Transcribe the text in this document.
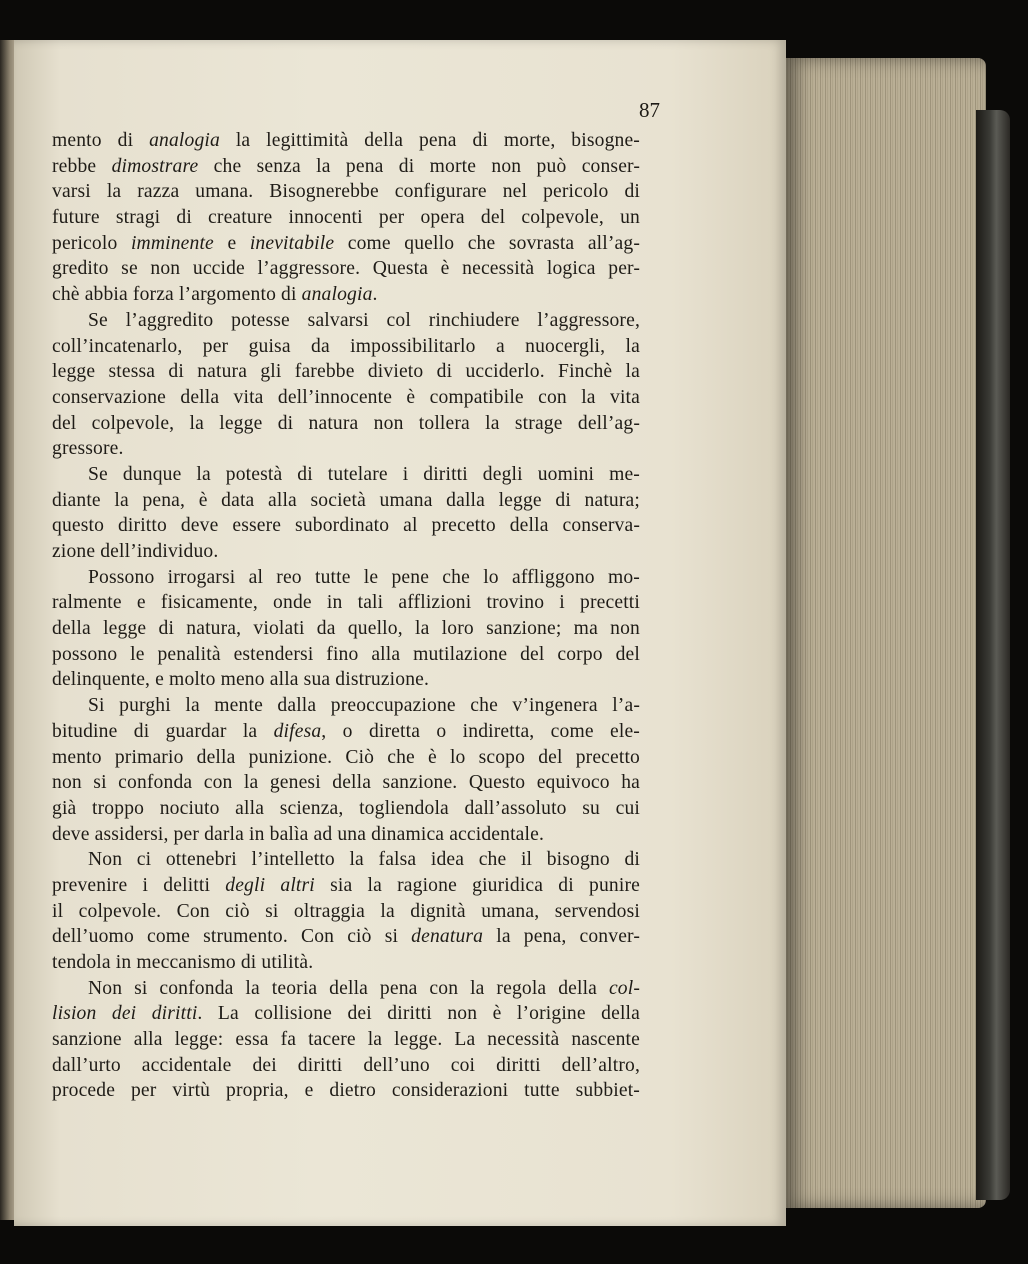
87
mento di analogia la legittimità della pena di morte, bisogne-
rebbe dimostrare che senza la pena di morte non può conser-
varsi la razza umana. Bisognerebbe configurare nel pericolo di
future stragi di creature innocenti per opera del colpevole, un
pericolo imminente e inevitabile come quello che sovrasta all’ag-
gredito se non uccide l’aggressore. Questa è necessità logica per-
chè abbia forza l’argomento di analogia.
Se l’aggredito potesse salvarsi col rinchiudere l’aggressore,
coll’incatenarlo, per guisa da impossibilitarlo a nuocergli, la
legge stessa di natura gli farebbe divieto di ucciderlo. Finchè la
conservazione della vita dell’innocente è compatibile con la vita
del colpevole, la legge di natura non tollera la strage dell’ag-
gressore.
Se dunque la potestà di tutelare i diritti degli uomini me-
diante la pena, è data alla società umana dalla legge di natura;
questo diritto deve essere subordinato al precetto della conserva-
zione dell’individuo.
Possono irrogarsi al reo tutte le pene che lo affliggono mo-
ralmente e fisicamente, onde in tali afflizioni trovino i precetti
della legge di natura, violati da quello, la loro sanzione; ma non
possono le penalità estendersi fino alla mutilazione del corpo del
delinquente, e molto meno alla sua distruzione.
Si purghi la mente dalla preoccupazione che v’ingenera l’a-
bitudine di guardar la difesa, o diretta o indiretta, come ele-
mento primario della punizione. Ciò che è lo scopo del precetto
non si confonda con la genesi della sanzione. Questo equivoco ha
già troppo nociuto alla scienza, togliendola dall’assoluto su cui
deve assidersi, per darla in balìa ad una dinamica accidentale.
Non ci ottenebri l’intelletto la falsa idea che il bisogno di
prevenire i delitti degli altri sia la ragione giuridica di punire
il colpevole. Con ciò si oltraggia la dignità umana, servendosi
dell’uomo come strumento. Con ciò si denatura la pena, conver-
tendola in meccanismo di utilità.
Non si confonda la teoria della pena con la regola della col-
lision dei diritti. La collisione dei diritti non è l’origine della
sanzione alla legge: essa fa tacere la legge. La necessità nascente
dall’urto accidentale dei diritti dell’uno coi diritti dell’altro,
procede per virtù propria, e dietro considerazioni tutte subbiet-
